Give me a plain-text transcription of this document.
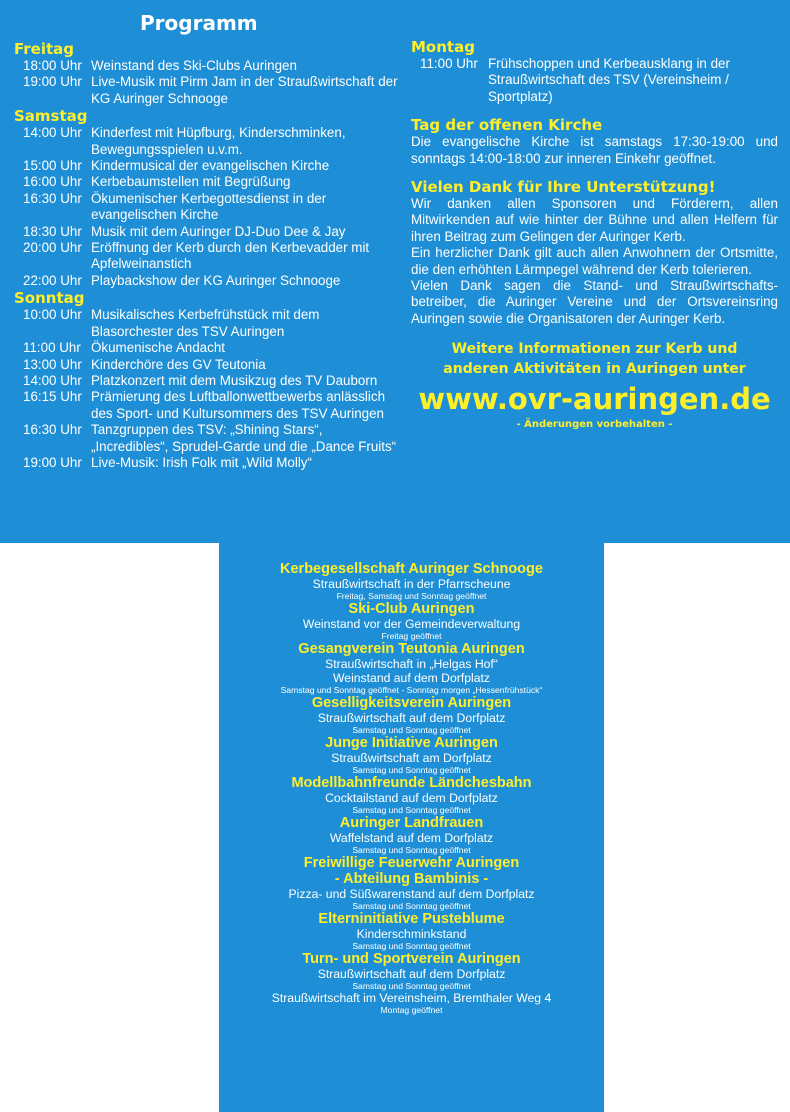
Programm

Freitag

18:00 Uhr Weinstand des Ski-Clubs Auringen
19:00 Uhr Live-Musik mit Pirm Jam in der Straußwirtschaft der KG Auringer Schnooge

Samstag

14:00 Uhr Kinderfest mit Hüpfburg, Kinderschminken, Bewegungsspielen u.v.m.
15:00 Uhr Kindermusical der evangelischen Kirche
16:00 Uhr Kerbebaumstellen mit Begrüßung
16:30 Uhr Ökumenischer Kerbegottesdienst in der evangelischen Kirche
18:30 Uhr Musik mit dem Auringer DJ-Duo Dee & Jay
20:00 Uhr Eröffnung der Kerb durch den Kerbevadder mit Apfelweinanstich
22:00 Uhr Playbackshow der KG Auringer Schnooge

Sonntag

10:00 Uhr Musikalisches Kerbefrühstück mit dem Blasorchester des TSV Auringen
11:00 Uhr Ökumenische Andacht
13:00 Uhr Kinderchöre des GV Teutonia
14:00 Uhr Platzkonzert mit dem Musikzug des TV Dauborn
16:15 Uhr Prämierung des Luftballonwettbewerbs anlässlich des Sport- und Kultursommers des TSV Auringen
16:30 Uhr Tanzgruppen des TSV: „Shining Stars“, „Incredibles“, Sprudel-Garde und die „Dance Fruits“
19:00 Uhr Live-Musik: Irish Folk mit „Wild Molly“

Montag

11:00 Uhr Frühschoppen und Kerbeausklang in der Straußwirtschaft des TSV (Vereinsheim / Sportplatz)

Tag der offenen Kirche

Die evangelische Kirche ist samstags 17:30-19:00 und sonntags 14:00-18:00 zur inneren Einkehr geöffnet.

Vielen Dank für Ihre Unterstützung!

Wir danken allen Sponsoren und Förderern, allen Mitwirkenden auf wie hinter der Bühne und allen Helfern für ihren Beitrag zum Gelingen der Auringer Kerb.

Ein herzlicher Dank gilt auch allen Anwohnern der Ortsmitte, die den erhöhten Lärmpegel während der Kerb tolerieren.

Vielen Dank sagen die Stand- und Straußwirtschafts-betreiber, die Auringer Vereine und der Ortsvereinsring Auringen sowie die Organisatoren der Auringer Kerb.

Weitere Informationen zur Kerb und

anderen Aktivitäten in Auringen unter

www.ovr-auringen.de

- Änderungen vorbehalten -

Kerbegesellschaft Auringer Schnooge
Straußwirtschaft in der Pfarrscheune
Freitag, Samstag und Sonntag geöffnet
Ski-Club Auringen
Weinstand vor der Gemeindeverwaltung
Freitag geöffnet
Gesangverein Teutonia Auringen
Straußwirtschaft in „Helgas Hof“
Weinstand auf dem Dorfplatz
Samstag und Sonntag geöffnet - Sonntag morgen „Hessenfrühstück“
Geselligkeitsverein Auringen
Straußwirtschaft auf dem Dorfplatz
Samstag und Sonntag geöffnet
Junge Initiative Auringen
Straußwirtschaft am Dorfplatz
Samstag und Sonntag geöffnet
Modellbahnfreunde Ländchesbahn
Cocktailstand auf dem Dorfplatz
Samstag und Sonntag geöffnet
Auringer Landfrauen
Waffelstand auf dem Dorfplatz
Samstag und Sonntag geöffnet
Freiwillige Feuerwehr Auringen
- Abteilung Bambinis -
Pizza- und Süßwarenstand auf dem Dorfplatz
Samstag und Sonntag geöffnet
Elterninitiative Pusteblume
Kinderschminkstand
Samstag und Sonntag geöffnet
Turn- und Sportverein Auringen
Straußwirtschaft auf dem Dorfplatz
Samstag und Sonntag geöffnet
Straußwirtschaft im Vereinsheim, Bremthaler Weg 4
Montag geöffnet
